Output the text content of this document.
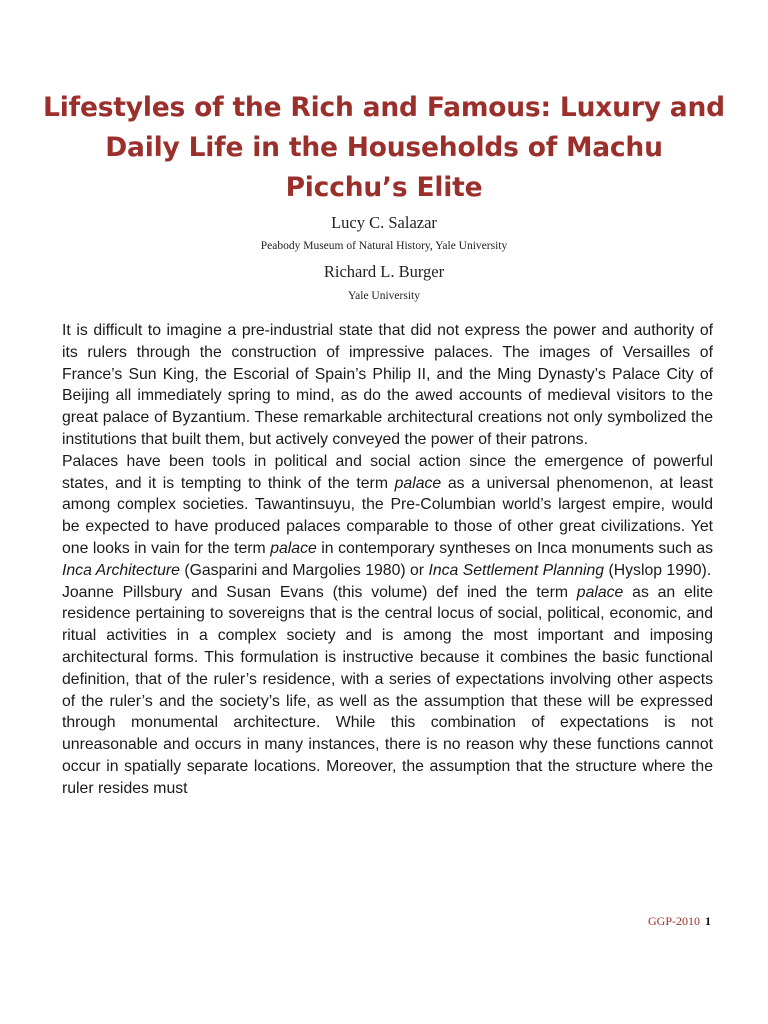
Lifestyles of the Rich and Famous: Luxury and Daily Life in the Households of Machu Picchu’s Elite
Lucy C. Salazar
Peabody Museum of Natural History, Yale University
Richard L. Burger
Yale University

It is difficult to imagine a pre-industrial state that did not express the power and authority of its rulers through the construction of impressive palaces. The images of Versailles of France’s Sun King, the Escorial of Spain’s Philip II, and the Ming Dynasty’s Palace City of Beijing all immediately spring to mind, as do the awed accounts of medieval visitors to the great palace of Byzantium. These remarkable architectural creations not only symbolized the institutions that built them, but actively conveyed the power of their patrons.

Palaces have been tools in political and social action since the emergence of powerful states, and it is tempting to think of the term palace as a universal phenomenon, at least among complex societies. Tawantinsuyu, the Pre-Columbian world’s largest empire, would be expected to have produced palaces comparable to those of other great civilizations. Yet one looks in vain for the term palace in contemporary syntheses on Inca monuments such as Inca Architecture (Gasparini and Margolies 1980) or Inca Settlement Planning (Hyslop 1990).

Joanne Pillsbury and Susan Evans (this volume) def ined the term palace as an elite residence pertaining to sovereigns that is the central locus of social, political, economic, and ritual activities in a complex society and is among the most important and imposing architectural forms. This formulation is instructive because it combines the basic functional definition, that of the ruler’s residence, with a series of expectations involving other aspects of the ruler’s and the society’s life, as well as the assumption that these will be expressed through monumental architecture. While this combination of expectations is not unreasonable and occurs in many instances, there is no reason why these functions cannot occur in spatially separate locations. Moreover, the assumption that the structure where the ruler resides must

GGP-2010 1
